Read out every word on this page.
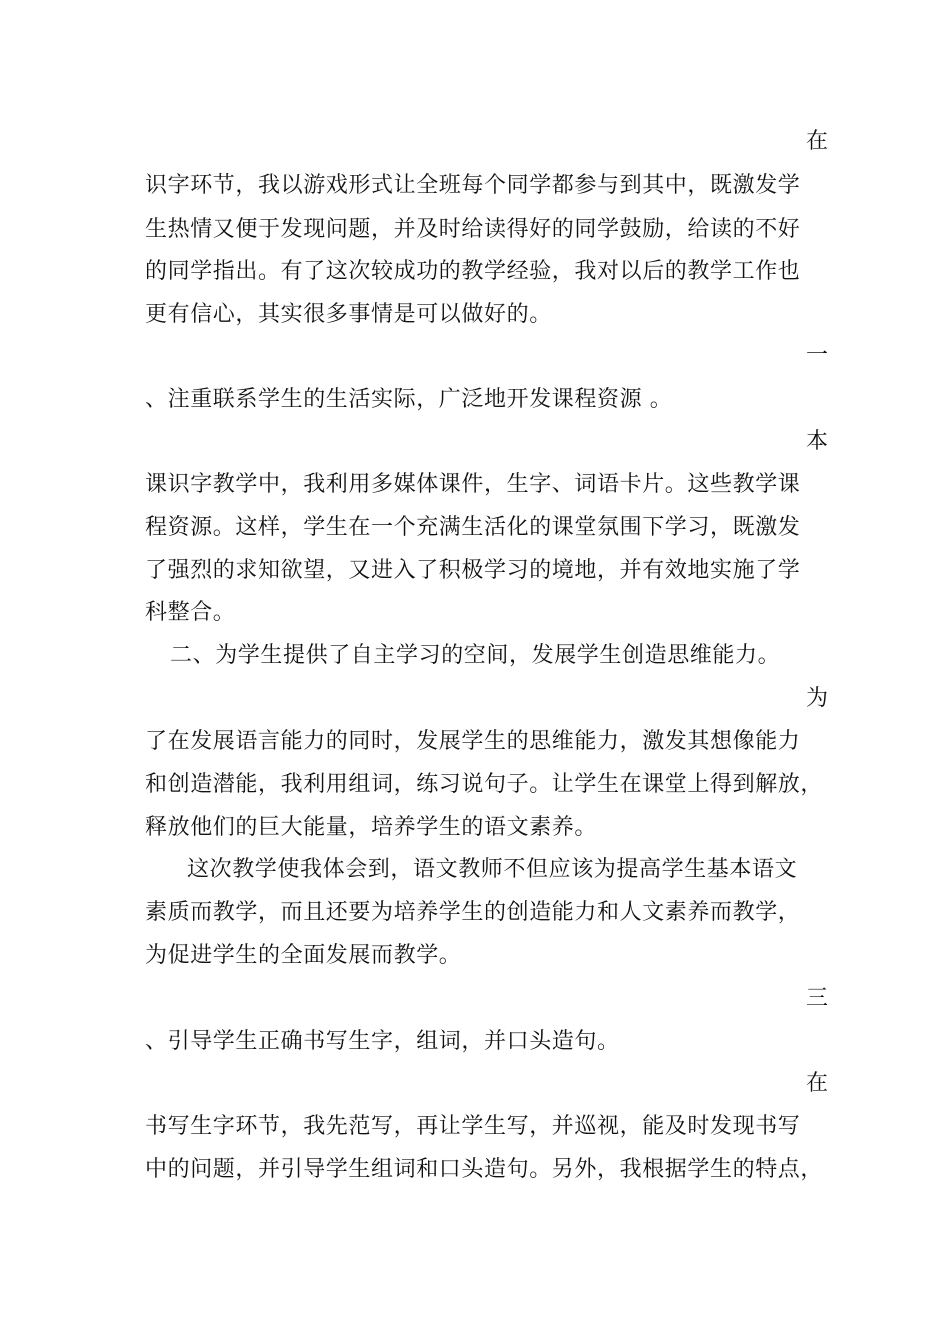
在
识字环节，我以游戏形式让全班每个同学都参与到其中，既激发学
生热情又便于发现问题，并及时给读得好的同学鼓励，给读的不好
的同学指出。有了这次较成功的教学经验，我对以后的教学工作也
更有信心，其实很多事情是可以做好的。
一
、注重联系学生的生活实际，广泛地开发课程资源 。
本
课识字教学中，我利用多媒体课件，生字、词语卡片。这些教学课
程资源。这样，学生在一个充满生活化的课堂氛围下学习，既激发
了强烈的求知欲望，又进入了积极学习的境地，并有效地实施了学
科整合。
二、为学生提供了自主学习的空间，发展学生创造思维能力。
为
了在发展语言能力的同时，发展学生的思维能力，激发其想像能力
和创造潜能，我利用组词，练习说句子。让学生在课堂上得到解放，
释放他们的巨大能量，培养学生的语文素养。
这次教学使我体会到，语文教师不但应该为提高学生基本语文
素质而教学，而且还要为培养学生的创造能力和人文素养而教学，
为促进学生的全面发展而教学。
三
、引导学生正确书写生字，组词，并口头造句。
在
书写生字环节，我先范写，再让学生写，并巡视，能及时发现书写
中的问题，并引导学生组词和口头造句。另外，我根据学生的特点，
